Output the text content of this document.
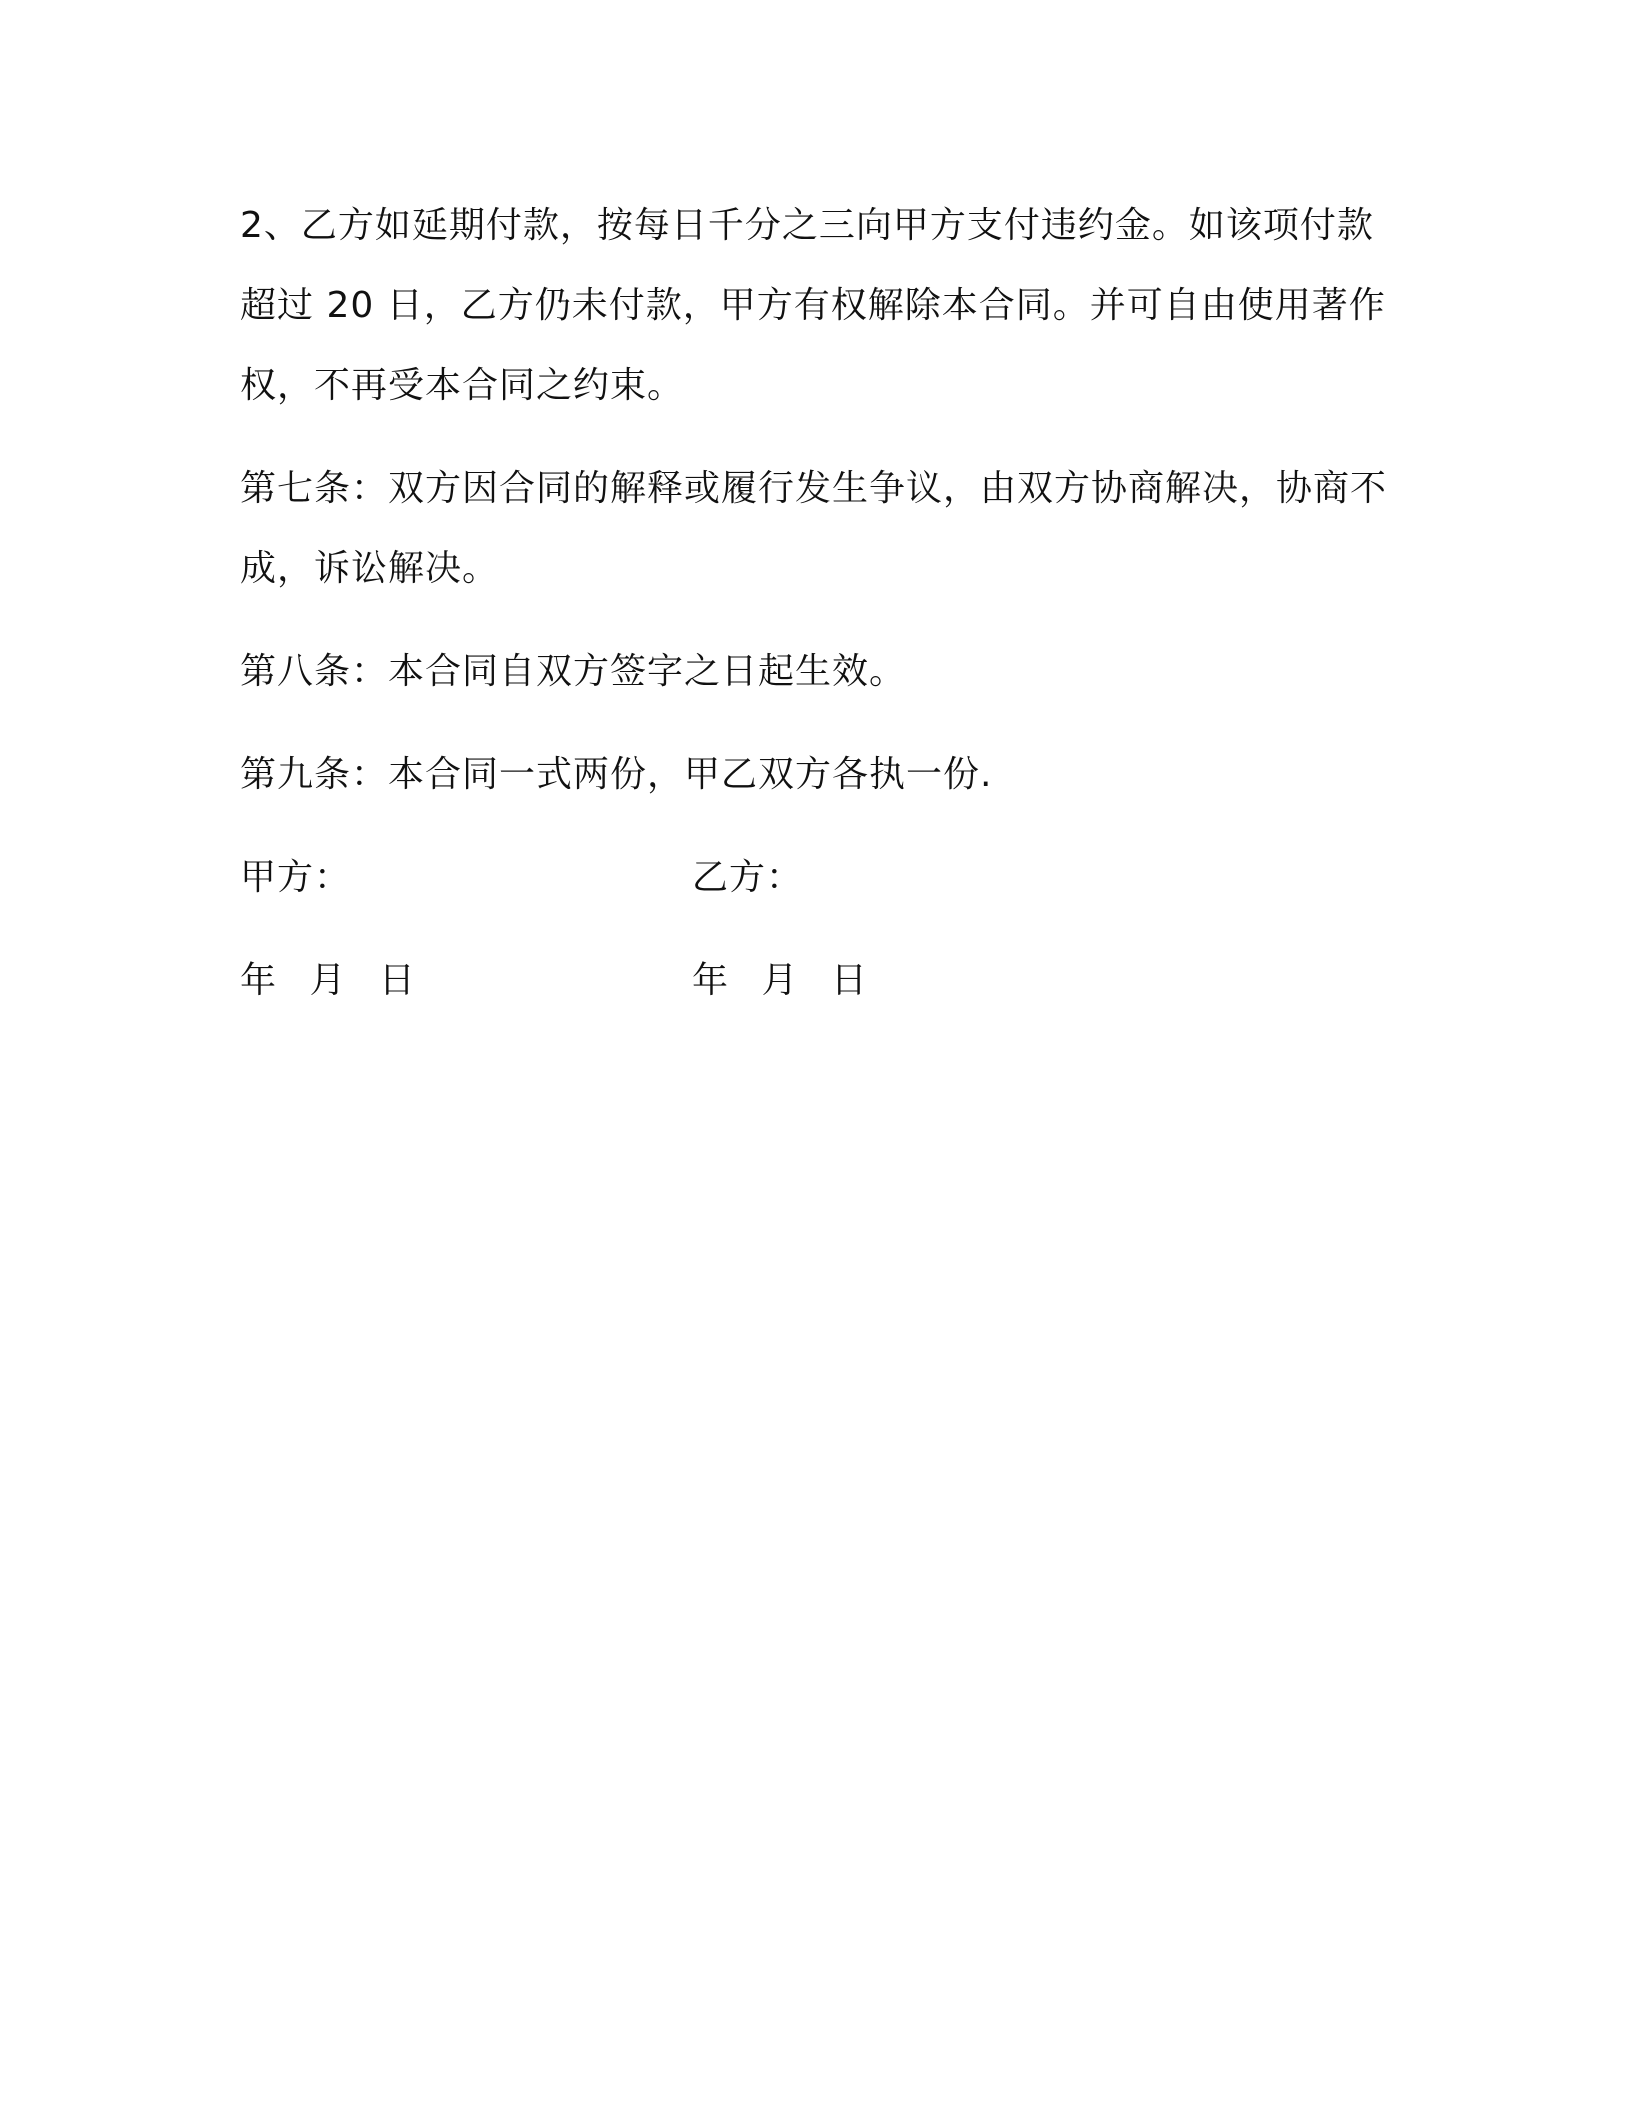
2、乙方如延期付款，按每日千分之三向甲方支付违约金。如该项付款超过 20 日，乙方仍未付款，甲方有权解除本合同。并可自由使用著作权，不再受本合同之约束。

第七条：双方因合同的解释或履行发生争议，由双方协商解决，协商不成，诉讼解决。

第八条：本合同自双方签字之日起生效。

第九条：本合同一式两份，甲乙双方各执一份.

甲方：	乙方：
年 月 日	年 月 日
